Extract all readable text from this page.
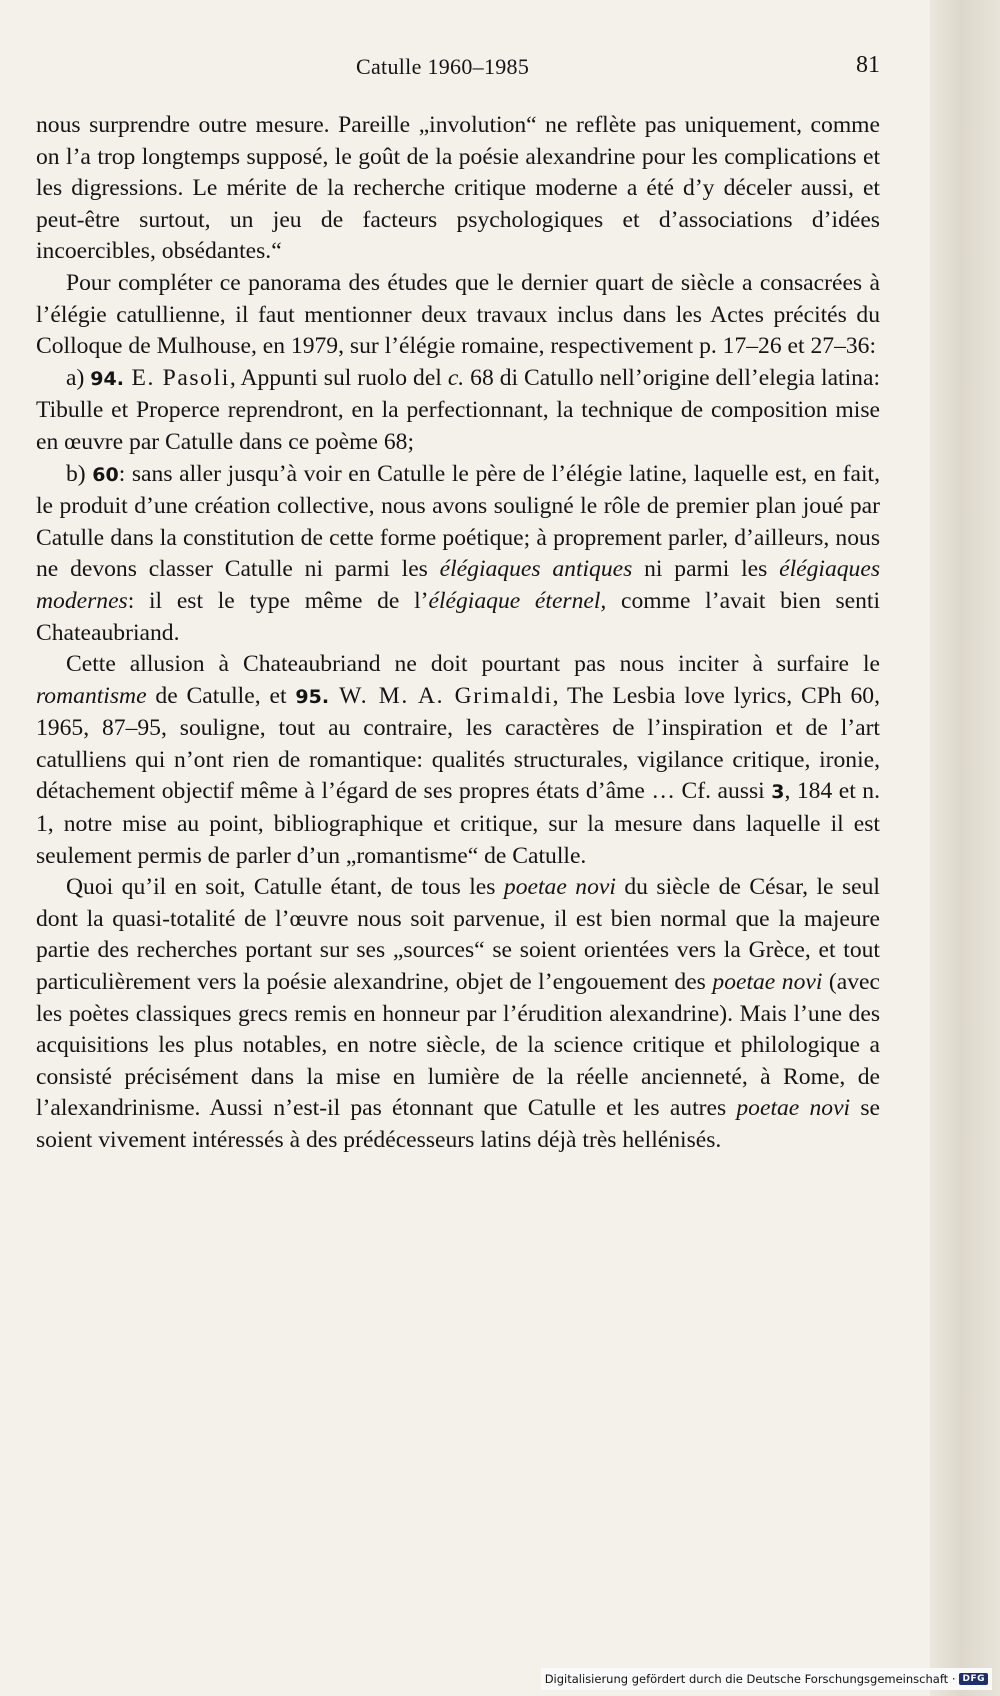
Catulle 1960–1985	81

nous surprendre outre mesure. Pareille „involution“ ne reflète pas uniquement, comme on l’a trop longtemps supposé, le goût de la poésie alexandrine pour les complications et les digressions. Le mérite de la recherche critique moderne a été d’y déceler aussi, et peut-être surtout, un jeu de facteurs psychologiques et d’associations d’idées incoercibles, obsédantes.“

Pour compléter ce panorama des études que le dernier quart de siècle a consacrées à l’élégie catullienne, il faut mentionner deux travaux inclus dans les Actes précités du Colloque de Mulhouse, en 1979, sur l’élégie romaine, respectivement p. 17–26 et 27–36:

a) 94. E. Pasoli, Appunti sul ruolo del c. 68 di Catullo nell’origine dell’elegia latina: Tibulle et Properce reprendront, en la perfectionnant, la technique de composition mise en œuvre par Catulle dans ce poème 68;

b) 60: sans aller jusqu’à voir en Catulle le père de l’élégie latine, laquelle est, en fait, le produit d’une création collective, nous avons souligné le rôle de premier plan joué par Catulle dans la constitution de cette forme poétique; à proprement parler, d’ailleurs, nous ne devons classer Catulle ni parmi les élégiaques antiques ni parmi les élégiaques modernes: il est le type même de l’élégiaque éternel, comme l’avait bien senti Chateaubriand.

Cette allusion à Chateaubriand ne doit pourtant pas nous inciter à surfaire le romantisme de Catulle, et 95. W. M. A. Grimaldi, The Lesbia love lyrics, CPh 60, 1965, 87–95, souligne, tout au contraire, les caractères de l’inspiration et de l’art catulliens qui n’ont rien de romantique: qualités structurales, vigilance critique, ironie, détachement objectif même à l’égard de ses propres états d’âme … Cf. aussi 3, 184 et n. 1, notre mise au point, bibliographique et critique, sur la mesure dans laquelle il est seulement permis de parler d’un „romantisme“ de Catulle.

Quoi qu’il en soit, Catulle étant, de tous les poetae novi du siècle de César, le seul dont la quasi-totalité de l’œuvre nous soit parvenue, il est bien normal que la majeure partie des recherches portant sur ses „sources“ se soient orientées vers la Grèce, et tout particulièrement vers la poésie alexandrine, objet de l’engouement des poetae novi (avec les poètes classiques grecs remis en honneur par l’érudition alexandrine). Mais l’une des acquisitions les plus notables, en notre siècle, de la science critique et philologique a consisté précisément dans la mise en lumière de la réelle ancienneté, à Rome, de l’alexandrinisme. Aussi n’est-il pas étonnant que Catulle et les autres poetae novi se soient vivement intéressés à des prédécesseurs latins déjà très hellénisés.

Digitalisierung gefördert durch die Deutsche Forschungsgemeinschaft · DFG
